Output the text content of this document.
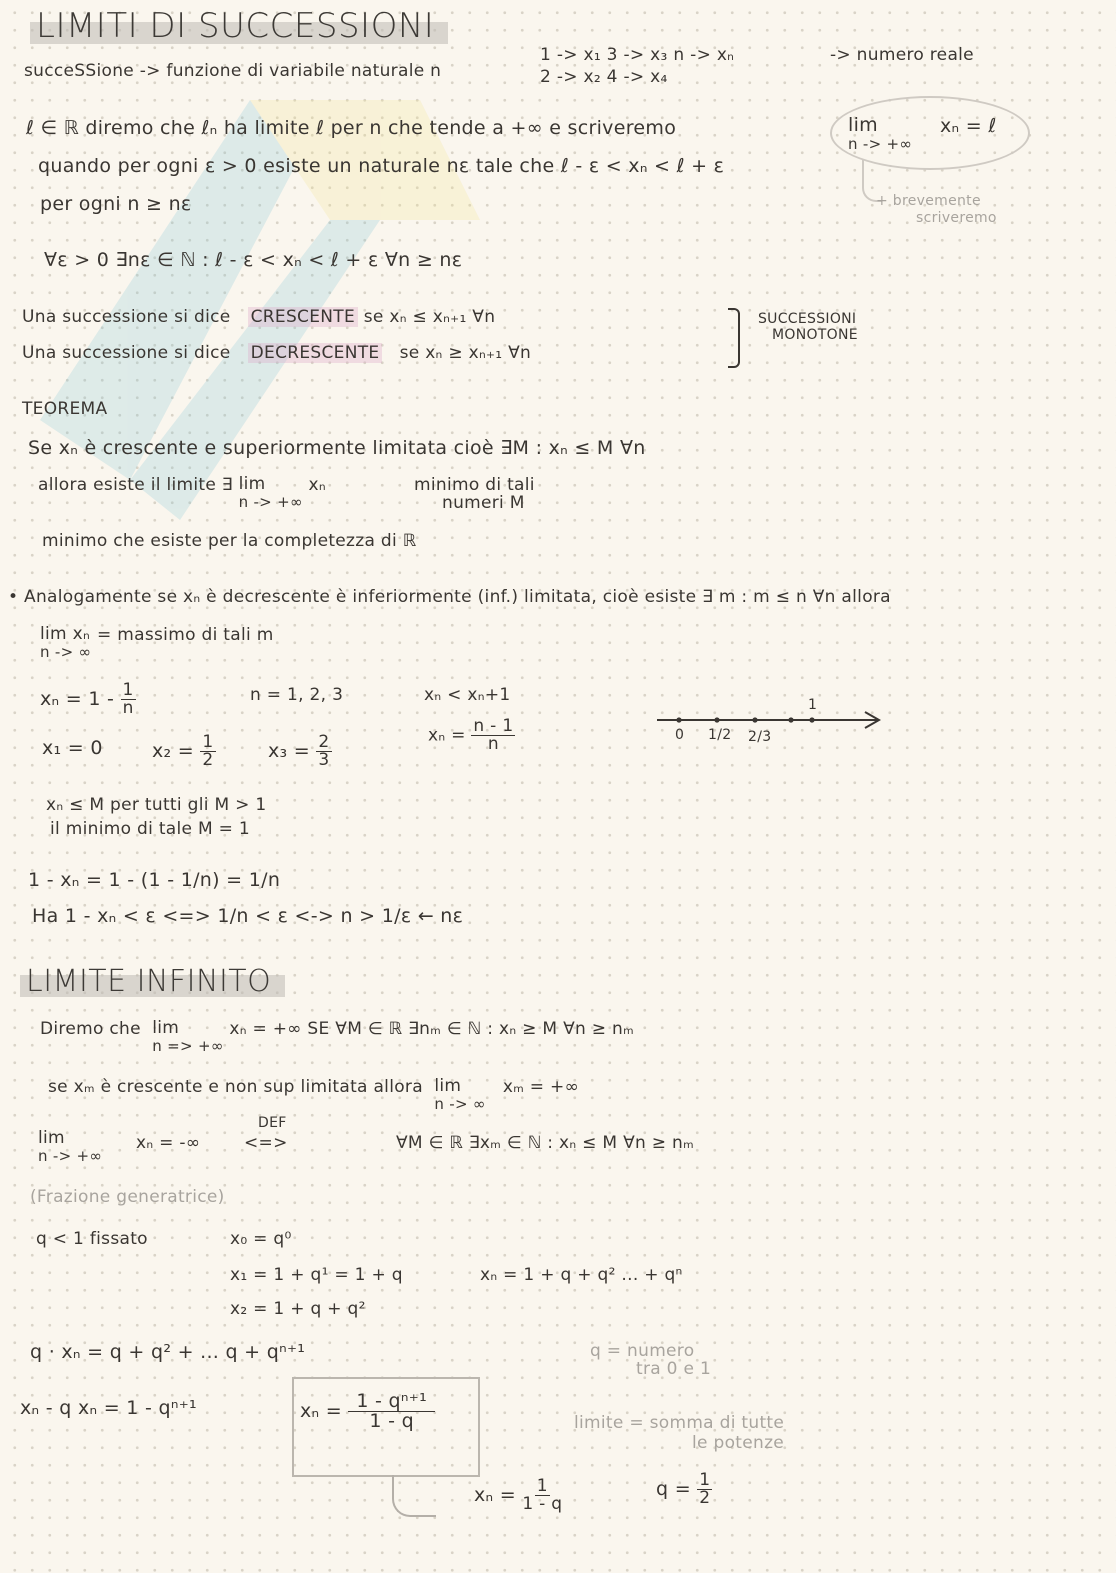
LIMITI DI SUCCESSIONI
succeSSione -> funzione di variabile naturale n
1 -> x₁ 3 -> x₃ n -> xₙ
2 -> x₂ 4 -> x₄
-> numero reale
ℓ ∈ ℝ diremo che ℓₙ ha limite ℓ per n che tende a +∞ e scriveremo
quando per ogni ε > 0 esiste un naturale nε tale che ℓ - ε < xₙ < ℓ + ε
per ogni n ≥ nε
lim
n -> +∞
xₙ = ℓ
+ brevemente
scriveremo
∀ε > 0 ∃nε ∈ ℕ : ℓ - ε < xₙ < ℓ + ε ∀n ≥ nε
Una successione si dice CRESCENTE se xₙ ≤ xₙ₊₁ ∀n
Una successione si dice DECRESCENTE se xₙ ≥ xₙ₊₁ ∀n
SUCCESSIONI
MONOTONE
TEOREMA
Se xₙ è crescente e superiormente limitata cioè ∃M : xₙ ≤ M ∀n
allora esiste il limite ∃ lim
n -> +∞
xₙ	minimo di tali
numeri M
minimo che esiste per la completezza di ℝ
• Analogamente se xₙ è decrescente è inferiormente (inf.) limitata, cioè esiste ∃ m : m ≤ n ∀n allora
lim xₙ
n -> ∞
= massimo di tali m
$x_n = 1 - \frac{1}{n}$	n = 1, 2, 3	xₙ < xₙ+1
$x_n = \frac{n - 1}{n}$
x₁ = 0	$x_2 = \frac{1}{2}$	$x_3 = \frac{2}{3}$	0 1/2 2/3
1
xₙ ≤ M per tutti gli M > 1
il minimo di tale M = 1
1 - xₙ = 1 - (1 - 1/n) = 1/n
Ha 1 - xₙ < ε <=> 1/n < ε <-> n > 1/ε ← nε
LIMITE INFINITO
Diremo che lim
n => +∞
xₙ = +∞ SE ∀M ∈ ℝ ∃nₘ ∈ ℕ : xₙ ≥ M ∀n ≥ nₘ
se xₘ è crescente e non sup limitata allora lim
n -> ∞
xₘ = +∞
lim
n -> +∞
xₙ = -∞
DEF
<=>	∀M ∈ ℝ ∃xₘ ∈ ℕ : xₙ ≤ M ∀n ≥ nₘ
(Frazione generatrice)
q < 1 fissato	x₀ = q⁰
x₁ = 1 + q¹ = 1 + q	xₙ = 1 + q + q² ... + qⁿ
x₂ = 1 + q + q²
q · xₙ = q + q² + ... q + qⁿ⁺¹	q = numero
tra 0 e 1
xₙ - q xₙ = 1 - qⁿ⁺¹	$x_n = \frac{\text{1 - qⁿ⁺¹}}{1 - q}$	limite = somma di tutte
le potenze
$x_n = \frac{1}{1 - q}$	$q = \frac{1}{2}$
